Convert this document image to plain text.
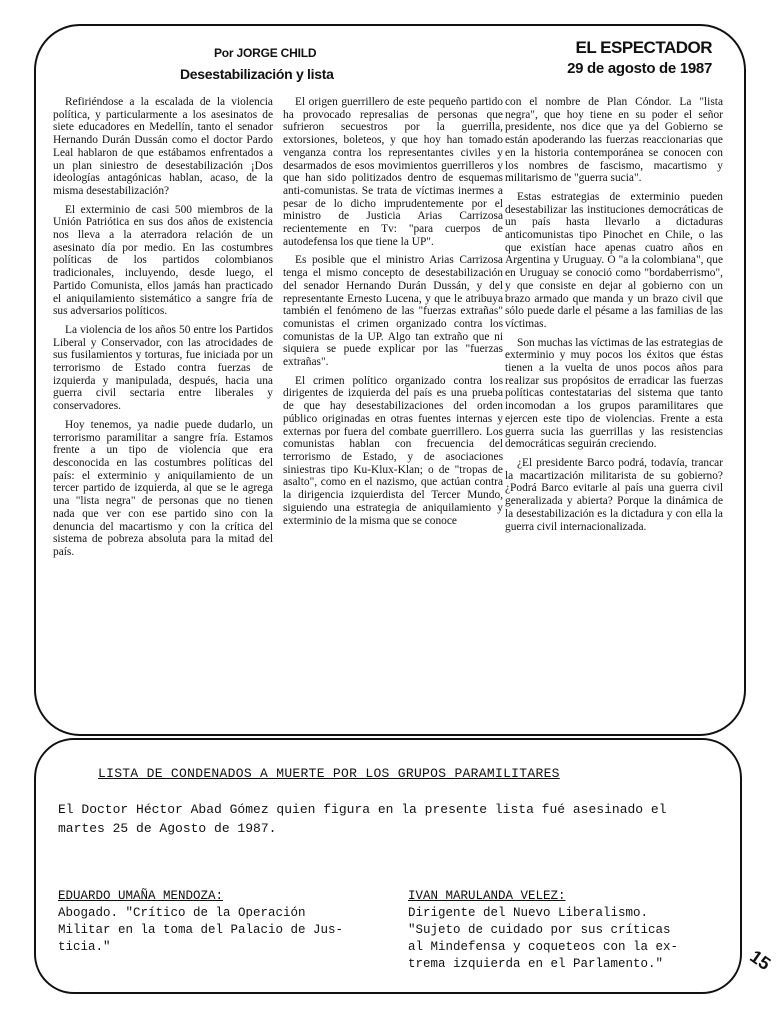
Por JORGE CHILD
Desestabilización y lista
EL ESPECTADOR
29 de agosto de 1987

Refiriéndose a la escalada de la violencia política, y particularmente a los asesinatos de siete educadores en Medellín, tanto el senador Hernando Durán Dussán como el doctor Pardo Leal hablaron de que estábamos enfrentados a un plan siniestro de desestabilización ¡Dos ideologías antagónicas hablan, acaso, de la misma desestabilización?

El exterminio de casi 500 miembros de la Unión Patriótica en sus dos años de existencia nos lleva a la aterradora relación de un asesinato día por medio. En las costumbres políticas de los partidos colombianos tradicionales, incluyendo, desde luego, el Partido Comunista, ellos jamás han practicado el aniquilamiento sistemático a sangre fría de sus adversarios políticos.

La violencia de los años 50 entre los Partidos Liberal y Conservador, con las atrocidades de sus fusilamientos y torturas, fue iniciada por un terrorismo de Estado contra fuerzas de izquierda y manipulada, después, hacia una guerra civil sectaria entre liberales y conservadores.

Hoy tenemos, ya nadie puede dudarlo, un terrorismo paramilitar a sangre fría. Estamos frente a un tipo de violencia que era desconocida en las costumbres políticas del país: el exterminio y aniquilamiento de un tercer partido de izquierda, al que se le agrega una "lista negra" de personas que no tienen nada que ver con ese partido sino con la denuncia del macartismo y con la crítica del sistema de pobreza absoluta para la mitad del país.

El origen guerrillero de este pequeño partido ha provocado represalias de personas que sufrieron secuestros por la guerrilla, extorsiones, boleteos, y que hoy han tomado venganza contra los representantes civiles y desarmados de esos movimientos guerrilleros y que han sido politizados dentro de esquemas anti-comunistas. Se trata de víctimas inermes a pesar de lo dicho imprudentemente por el ministro de Justicia Arias Carrizosa recientemente en Tv: "para cuerpos de autodefensa los que tiene la UP".

Es posible que el ministro Arias Carrizosa tenga el mismo concepto de desestabilización del senador Hernando Durán Dussán, y del representante Ernesto Lucena, y que le atribuya también el fenómeno de las "fuerzas extrañas" comunistas el crimen organizado contra los comunistas de la UP. Algo tan extraño que ni siquiera se puede explicar por las "fuerzas extrañas".

El crimen político organizado contra los dirigentes de izquierda del país es una prueba de que hay desestabilizaciones del orden público originadas en otras fuentes internas y externas por fuera del combate guerrillero. Los comunistas hablan con frecuencia del terrorismo de Estado, y de asociaciones siniestras tipo Ku-Klux-Klan; o de "tropas de asalto", como en el nazismo, que actúan contra la dirigencia izquierdista del Tercer Mundo, siguiendo una estrategia de aniquilamiento y exterminio de la misma que se conoce

con el nombre de Plan Cóndor. La "lista negra", que hoy tiene en su poder el señor presidente, nos dice que ya del Gobierno se están apoderando las fuerzas reaccionarias que en la historia contemporánea se conocen con los nombres de fascismo, macartismo y militarismo de "guerra sucia".

Estas estrategias de exterminio pueden desestabilizar las instituciones democráticas de un país hasta llevarlo a dictaduras anticomunistas tipo Pinochet en Chile, o las que existían hace apenas cuatro años en Argentina y Uruguay. O "a la colombiana", que en Uruguay se conoció como "bordaberrismo", y que consiste en dejar al gobierno con un brazo armado que manda y un brazo civil que sólo puede darle el pésame a las familias de las víctimas.

Son muchas las víctimas de las estrategias de exterminio y muy pocos los éxitos que éstas tienen a la vuelta de unos pocos años para realizar sus propósitos de erradicar las fuerzas políticas contestatarias del sistema que tanto incomodan a los grupos paramilitares que ejercen este tipo de violencias. Frente a esta guerra sucia las guerrillas y las resistencias democráticas seguirán creciendo.

¿El presidente Barco podrá, todavía, trancar la macartización militarista de su gobierno? ¿Podrá Barco evitarle al país una guerra civil generalizada y abierta? Porque la dinámica de la desestabilización es la dictadura y con ella la guerra civil internacionalizada.

LISTA DE CONDENADOS A MUERTE POR LOS GRUPOS PARAMILITARES
El Doctor Héctor Abad Gómez quien figura en la presente lista fué asesinado el martes 25 de Agosto de 1987.
EDUARDO UMAÑA MENDOZA:
Abogado. "Crítico de la Operación
Militar en la toma del Palacio de Jus-
ticia."
IVAN MARULANDA VELEZ:
Dirigente del Nuevo Liberalismo.
"Sujeto de cuidado por sus críticas
al Mindefensa y coqueteos con la ex-
trema izquierda en el Parlamento."	15
